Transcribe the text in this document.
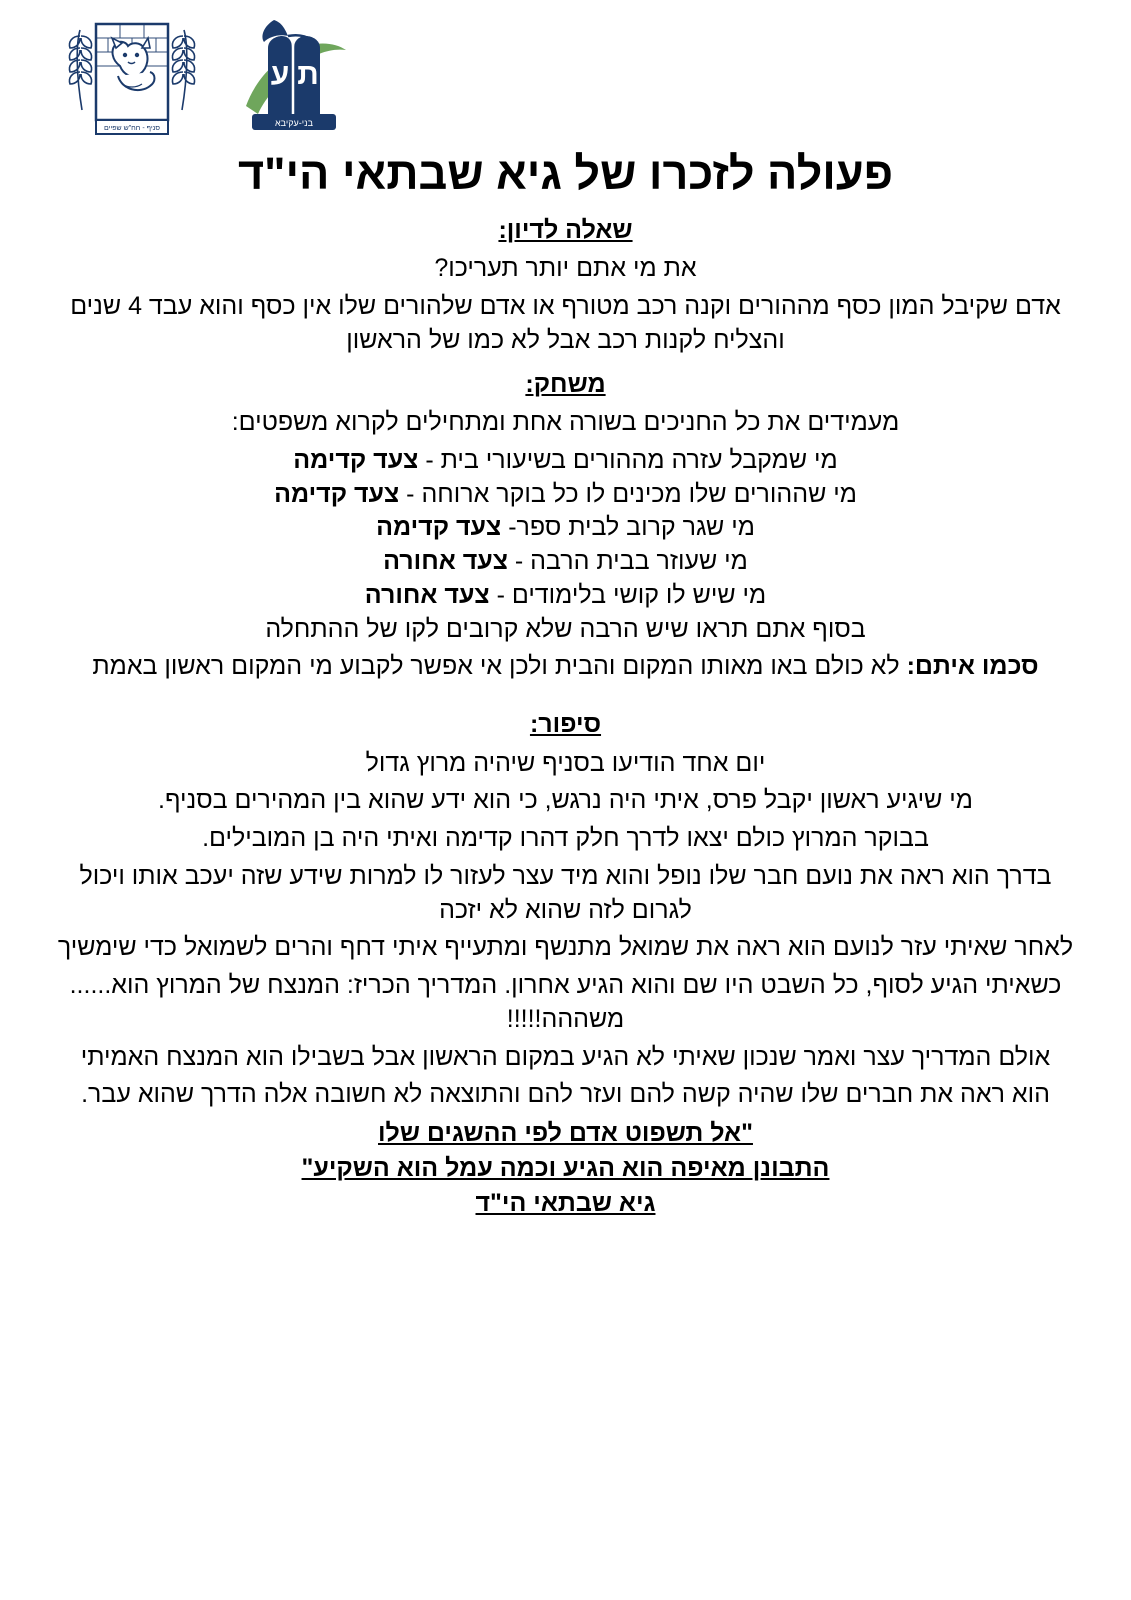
סניף - חח"ש שפיים
ת
ע
בני-עקיבא
פעולה לזכרו של גיא שבתאי הי"ד
שאלה לדיון:

את מי אתם יותר תעריכו?

אדם שקיבל המון כסף מההורים וקנה רכב מטורף או אדם שלהורים שלו אין כסף והוא עבד 4 שנים והצליח לקנות רכב אבל לא כמו של הראשון

משחק:

מעמידים את כל החניכים בשורה אחת ומתחילים לקרוא משפטים:

מי שמקבל עזרה מההורים בשיעורי בית - צעד קדימה

מי שההורים שלו מכינים לו כל בוקר ארוחה - צעד קדימה

מי שגר קרוב לבית ספר- צעד קדימה

מי שעוזר בבית הרבה - צעד אחורה

מי שיש לו קושי בלימודים - צעד אחורה

בסוף אתם תראו שיש הרבה שלא קרובים לקו של ההתחלה

סכמו איתם: לא כולם באו מאותו המקום והבית ולכן אי אפשר לקבוע מי המקום ראשון באמת

סיפור:

יום אחד הודיעו בסניף שיהיה מרוץ גדול

מי שיגיע ראשון יקבל פרס, איתי היה נרגש, כי הוא ידע שהוא בין המהירים בסניף.

בבוקר המרוץ כולם יצאו לדרך חלק דהרו קדימה ואיתי היה בן המובילים.

בדרך הוא ראה את נועם חבר שלו נופל והוא מיד עצר לעזור לו למרות שידע שזה יעכב אותו ויכול לגרום לזה שהוא לא יזכה

לאחר שאיתי עזר לנועם הוא ראה את שמואל מתנשף ומתעייף איתי דחף והרים לשמואל כדי שימשיך

כשאיתי הגיע לסוף, כל השבט היו שם והוא הגיע אחרון. המדריך הכריז: המנצח של המרוץ הוא...... משההה!!!!!

אולם המדריך עצר ואמר שנכון שאיתי לא הגיע במקום הראשון אבל בשבילו הוא המנצח האמיתי

הוא ראה את חברים שלו שהיה קשה להם ועזר להם והתוצאה לא חשובה אלה הדרך שהוא עבר.

"אל תשפוט אדם לפי ההשגים שלו

התבונן מאיפה הוא הגיע וכמה עמל הוא השקיע"

גיא שבתאי הי"ד
